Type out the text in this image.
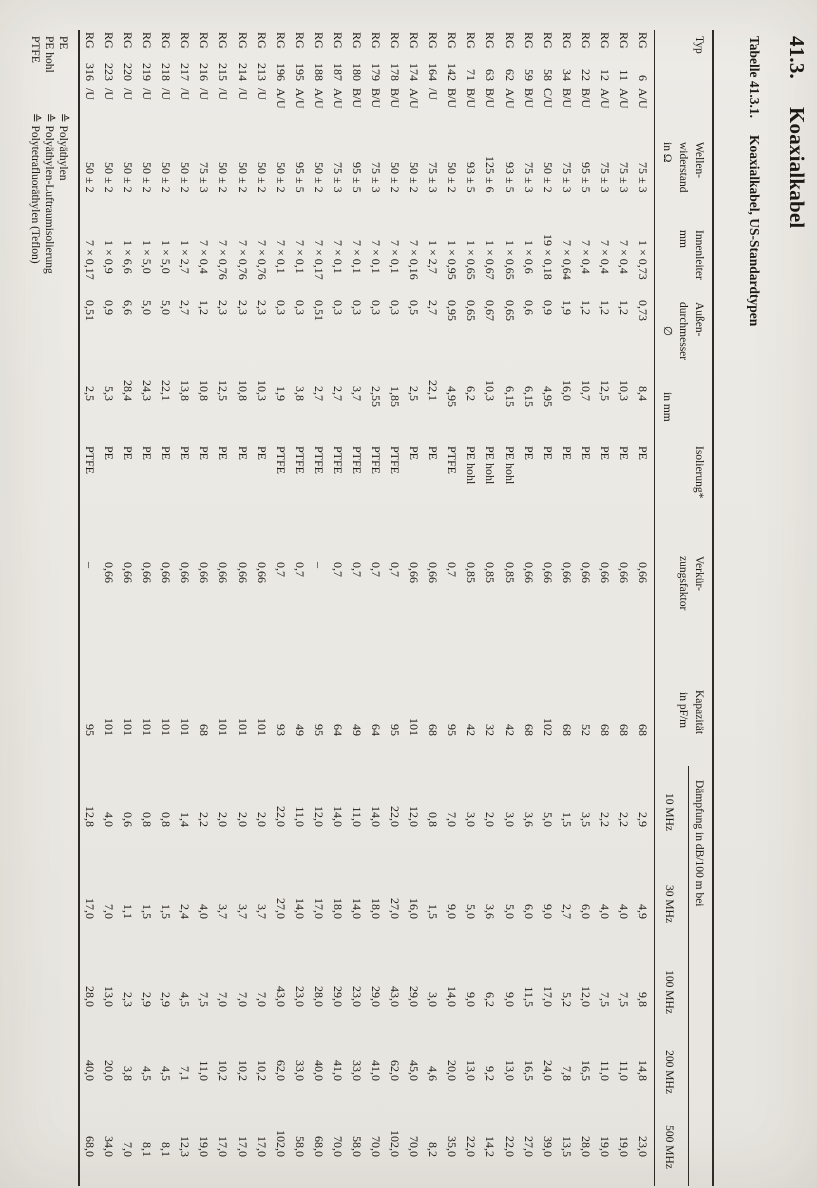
41.3.Koaxialkabel
Tabelle 41.3.1.Koaxialkabel, US-Standardtypen
Typ
Wellen-
widerstand
in Ω
Innenleiter
mm
Außen-
durchmesser
∅
in mm
Isolierung*
Verkür-
zungsfaktor
Kapazität
in pF/m
Dämpfung in dB/100 m bei
10 MHz
30 MHz
100 MHz
200 MHz
500 MHz
RG6A/U
75 ± 3
1 × 0,73
0,73
8,4
PE
0,66
68
2,9
4,9
9,8
14,8
23,0
RG11A/U
75 ± 3
7 × 0,4
1,2
10,3
PE
0,66
68
2,2
4,0
7,5
11,0
19,0
RG12A/U
75 ± 3
7 × 0,4
1,2
12,5
PE
0,66
68
2,2
4,0
7,5
11,0
19,0
RG22B/U
95 ± 5
7 × 0,4
1,2
10,7
PE
0,66
52
3,5
6,0
12,0
16,5
28,0
RG34B/U
75 ± 3
7 × 0,64
1,9
16,0
PE
0,66
68
1,5
2,7
5,2
7,8
13,5
RG58C/U
50 ± 2
19 × 0,18
0,9
4,95
PE
0,66
102
5,0
9,0
17,0
24,0
39,0
RG59B/U
75 ± 3
1 × 0,6
0,6
6,15
PE
0,66
68
3,6
6,0
11,5
16,5
27,0
RG62A/U
93 ± 5
1 × 0,65
0,65
6,15
PE hohl
0,85
42
3,0
5,0
9,0
13,0
22,0
RG63B/U
125 ± 6
1 × 0,67
0,67
10,3
PE hohl
0,85
32
2,0
3,6
6,2
9,2
14,2
RG71B/U
93 ± 5
1 × 0,65
0,65
6,2
PE hohl
0,85
42
3,0
5,0
9,0
13,0
22,0
RG142B/U
50 ± 2
1 × 0,95
0,95
4,95
PTFE
0,7
95
7,0
9,0
14,0
20,0
35,0
RG164/U
75 ± 3
1 × 2,7
2,7
22,1
PE
0,66
68
0,8
1,5
3,0
4,6
8,2
RG174A/U
50 ± 2
7 × 0,16
0,5
2,5
PE
0,66
101
12,0
16,0
29,0
45,0
70,0
RG178B/U
50 ± 2
7 × 0,1
0,3
1,85
PTFE
0,7
95
22,0
27,0
43,0
62,0
102,0
RG179B/U
75 ± 3
7 × 0,1
0,3
2,55
PTFE
0,7
64
14,0
18,0
29,0
41,0
70,0
RG180B/U
95 ± 5
7 × 0,1
0,3
3,7
PTFE
0,7
49
11,0
14,0
23,0
33,0
58,0
RG187A/U
75 ± 3
7 × 0,1
0,3
2,7
PTFE
0,7
64
14,0
18,0
29,0
41,0
70,0
RG188A/U
50 ± 2
7 × 0,17
0,51
2,7
PTFE
–
95
12,0
17,0
28,0
40,0
68,0
RG195A/U
95 ± 5
7 × 0,1
0,3
3,8
PTFE
0,7
49
11,0
14,0
23,0
33,0
58,0
RG196A/U
50 ± 2
7 × 0,1
0,3
1,9
PTFE
0,7
93
22,0
27,0
43,0
62,0
102,0
RG213/U
50 ± 2
7 × 0,76
2,3
10,3
PE
0,66
101
2,0
3,7
7,0
10,2
17,0
RG214/U
50 ± 2
7 × 0,76
2,3
10,8
PE
0,66
101
2,0
3,7
7,0
10,2
17,0
RG215/U
50 ± 2
7 × 0,76
2,3
12,5
PE
0,66
101
2,0
3,7
7,0
10,2
17,0
RG216/U
75 ± 3
7 × 0,4
1,2
10,8
PE
0,66
68
2,2
4,0
7,5
11,0
19,0
RG217/U
50 ± 2
1 × 2,7
2,7
13,8
PE
0,66
101
1,4
2,4
4,5
7,1
12,3
RG218/U
50 ± 2
1 × 5,0
5,0
22,1
PE
0,66
101
0,8
1,5
2,9
4,5
8,1
RG219/U
50 ± 2
1 × 5,0
5,0
24,3
PE
0,66
101
0,8
1,5
2,9
4,5
8,1
RG220/U
50 ± 2
1 × 6,6
6,6
28,4
PE
0,66
101
0,6
1,1
2,3
3,8
7,0
RG223/U
50 ± 2
1 × 0,9
0,9
5,3
PE
0,66
101
4,0
7,0
13,0
20,0
34,0
RG316/U
50 ± 2
7 × 0,17
0,51
2,5
PTFE
–
95
12,8
17,0
28,0
40,0
68,0
PE≙ Polyäthylen
PE hohl≙ Polyäthylen-Luftraumisolierung
PTFE≙ Polytetrafluoräthylen (Teflon)
